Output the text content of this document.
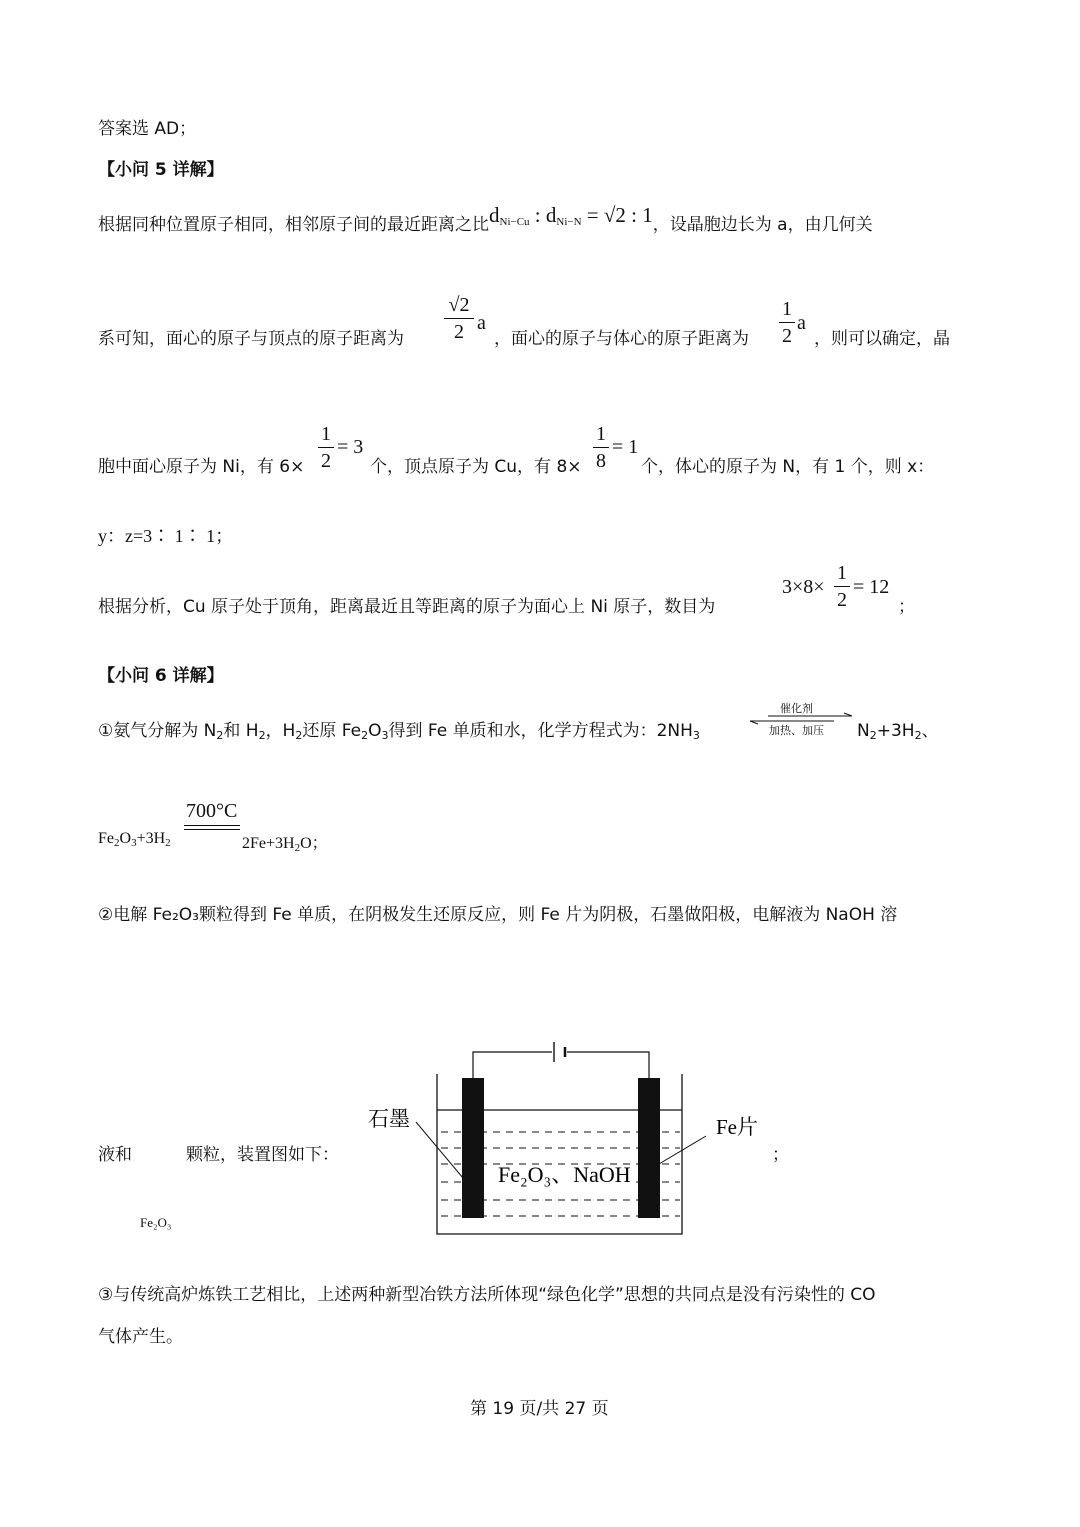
答案选 AD；
【小问 5 详解】
根据同种位置原子相同，相邻原子间的最近距离之比$d_{Ni-Cu}$ : $d_{Ni-N} = √2$ : 1，设晶胞边长为 a，由几何关
系可知，面心的原子与顶点的原子距离为
√2
2 a
，面心的原子与体心的原子距离为
1
2
a
，则可以确定，晶
胞中面心原子为 Ni，有 6×
1
2
= 3
个，顶点原子为 Cu，有 8×
1
8
= 1
个，体心的原子为 N，有 1 个，则 x：
y：z=3∶ 1∶ 1；
根据分析，Cu 原子处于顶角，距离最近且等距离的原子为面心上 Ni 原子，数目为
3×8×
1
2
= 12
；
【小问 6 详解】
①氨气分解为 $N_2$和 $H_2$，$H_2$还原 $Fe_2O_3$得到 Fe 单质和水，化学方程式为：$2NH_3$
催化剂
加热、加压 $N_2+3H_2$、
700°C
$Fe_2O_3+3H_2$	$2Fe+3H_2O$；
②电解 Fe₂O₃颗粒得到 Fe 单质，在阴极发生还原反应，则 Fe 片为阴极，石墨做阳极，电解液为 NaOH 溶
液和	颗粒，装置图如下：
Fe₂O₃
；
石墨	Fe片
Fe₂O₃、NaOH
③与传统高炉炼铁工艺相比，上述两种新型冶铁方法所体现“绿色化学”思想的共同点是没有污染性的 CO
气体产生。
第 19 页/共 27 页
